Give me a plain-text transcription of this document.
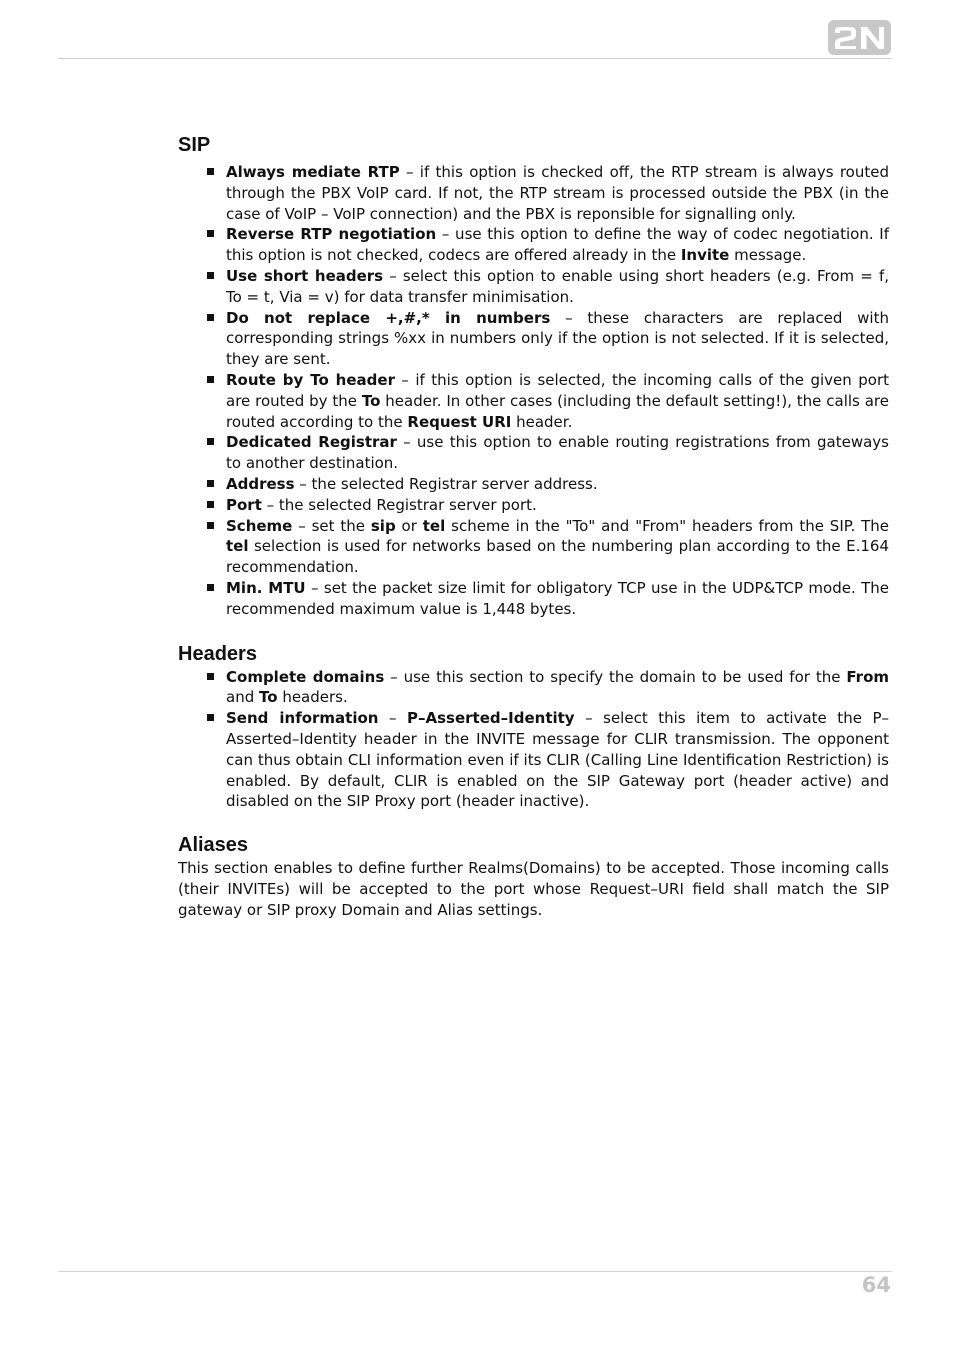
SIP
Always mediate RTP – if this option is checked off, the RTP stream is always routed through the PBX VoIP card. If not, the RTP stream is processed outside the PBX (in the case of VoIP – VoIP connection) and the PBX is reponsible for signalling only.
Reverse RTP negotiation – use this option to define the way of codec negotiation. If this option is not checked, codecs are offered already in the Invite message.
Use short headers – select this option to enable using short headers (e.g. From = f, To = t, Via = v) for data transfer minimisation.
Do not replace +,#,* in numbers – these characters are replaced with corresponding strings %xx in numbers only if the option is not selected. If it is selected, they are sent.
Route by To header – if this option is selected, the incoming calls of the given port are routed by the To header. In other cases (including the default setting!), the calls are routed according to the Request URI header.
Dedicated Registrar – use this option to enable routing registrations from gateways to another destination.
Address – the selected Registrar server address.
Port – the selected Registrar server port.
Scheme – set the sip or tel scheme in the "To" and "From" headers from the SIP. The tel selection is used for networks based on the numbering plan according to the E.164 recommendation.
Min. MTU – set the packet size limit for obligatory TCP use in the UDP&TCP mode. The recommended maximum value is 1,448 bytes.
Headers
Complete domains – use this section to specify the domain to be used for the From and To headers.
Send information – P–Asserted–Identity – select this item to activate the P–Asserted–Identity header in the INVITE message for CLIR transmission. The opponent can thus obtain CLI information even if its CLIR (Calling Line Identification Restriction) is enabled. By default, CLIR is enabled on the SIP Gateway port (header active) and disabled on the SIP Proxy port (header inactive).
Aliases

This section enables to define further Realms(Domains) to be accepted. Those incoming calls (their INVITEs) will be accepted to the port whose Request–URI field shall match the SIP gateway or SIP proxy Domain and Alias settings.

64
